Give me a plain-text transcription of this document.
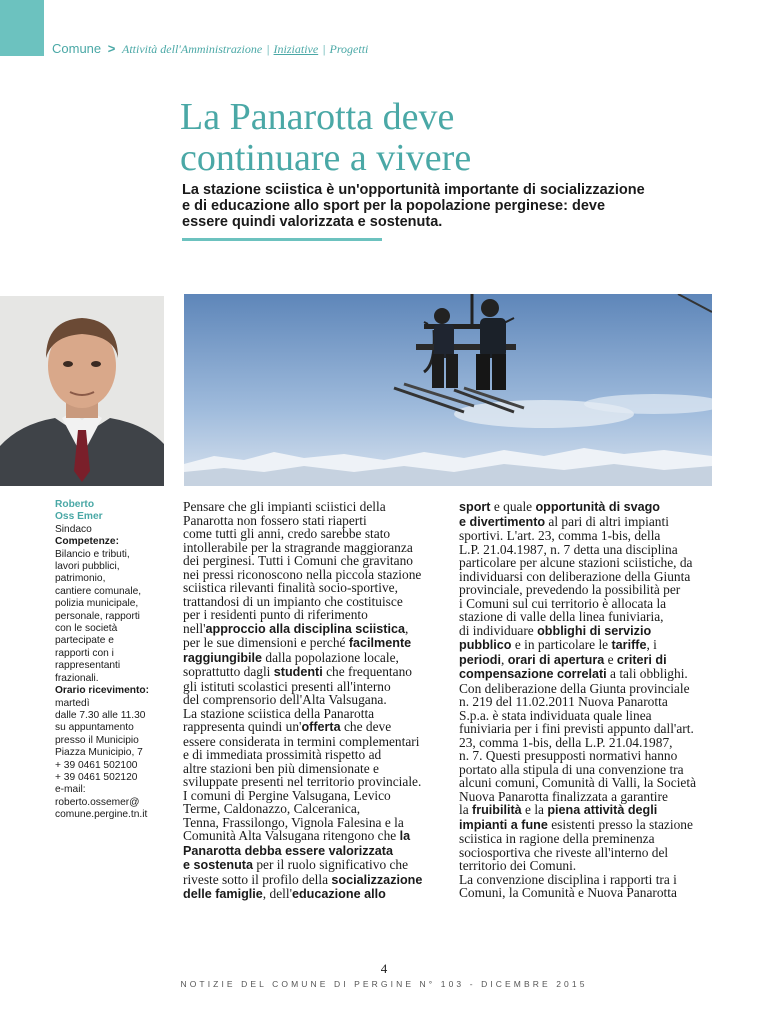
Comune > Attività dell'Amministrazione | Iniziative | Progetti
La Panarotta deve
continuare a vivere
La stazione sciistica è un'opportunità importante di socializzazione
e di educazione allo sport per la popolazione perginese: deve
essere quindi valorizzata e sostenuta.
Roberto
Oss Emer
Sindaco
Competenze:
Bilancio e tributi,
lavori pubblici,
patrimonio,
cantiere comunale,
polizia municipale,
personale, rapporti
con le società
partecipate e
rapporti con i
rappresentanti
frazionali.
Orario ricevimento:
martedì
dalle 7.30 alle 11.30
su appuntamento
presso il Municipio
Piazza Municipio, 7
+ 39 0461 502100
+ 39 0461 502120
e-mail:
roberto.ossemer@
comune.pergine.tn.it
Pensare che gli impianti sciistici della
Panarotta non fossero stati riaperti
come tutti gli anni, credo sarebbe stato
intollerabile per la stragrande maggioranza
dei perginesi. Tutti i Comuni che gravitano
nei pressi riconoscono nella piccola stazione
sciistica rilevanti finalità socio-sportive,
trattandosi di un impianto che costituisce
per i residenti punto di riferimento
nell'approccio alla disciplina sciistica,
per le sue dimensioni e perché facilmente
raggiungibile dalla popolazione locale,
soprattutto dagli studenti che frequentano
gli istituti scolastici presenti all'interno
del comprensorio dell'Alta Valsugana.
La stazione sciistica della Panarotta
rappresenta quindi un'offerta che deve
essere considerata in termini complementari
e di immediata prossimità rispetto ad
altre stazioni ben più dimensionate e
sviluppate presenti nel territorio provinciale.
I comuni di Pergine Valsugana, Levico
Terme, Caldonazzo, Calceranica,
Tenna, Frassilongo, Vignola Falesina e la
Comunità Alta Valsugana ritengono che la
Panarotta debba essere valorizzata
e sostenuta per il ruolo significativo che
riveste sotto il profilo della socializzazione
delle famiglie, dell'educazione allo
sport e quale opportunità di svago
e divertimento al pari di altri impianti
sportivi. L'art. 23, comma 1-bis, della
L.P. 21.04.1987, n. 7 detta una disciplina
particolare per alcune stazioni sciistiche, da
individuarsi con deliberazione della Giunta
provinciale, prevedendo la possibilità per
i Comuni sul cui territorio è allocata la
stazione di valle della linea funiviaria,
di individuare obblighi di servizio
pubblico e in particolare le tariffe, i
periodi, orari di apertura e criteri di
compensazione correlati a tali obblighi.
Con deliberazione della Giunta provinciale
n. 219 del 11.02.2011 Nuova Panarotta
S.p.a. è stata individuata quale linea
funiviaria per i fini previsti appunto dall'art.
23, comma 1-bis, della L.P. 21.04.1987,
n. 7. Questi presupposti normativi hanno
portato alla stipula di una convenzione tra
alcuni comuni, Comunità di Valli, la Società
Nuova Panarotta finalizzata a garantire
la fruibilità e la piena attività degli
impianti a fune esistenti presso la stazione
sciistica in ragione della preminenza
sociosportiva che riveste all'interno del
territorio dei Comuni.
La convenzione disciplina i rapporti tra i
Comuni, la Comunità e Nuova Panarotta
4
NOTIZIE DEL COMUNE DI PERGINE N° 103 - DICEMBRE 2015
